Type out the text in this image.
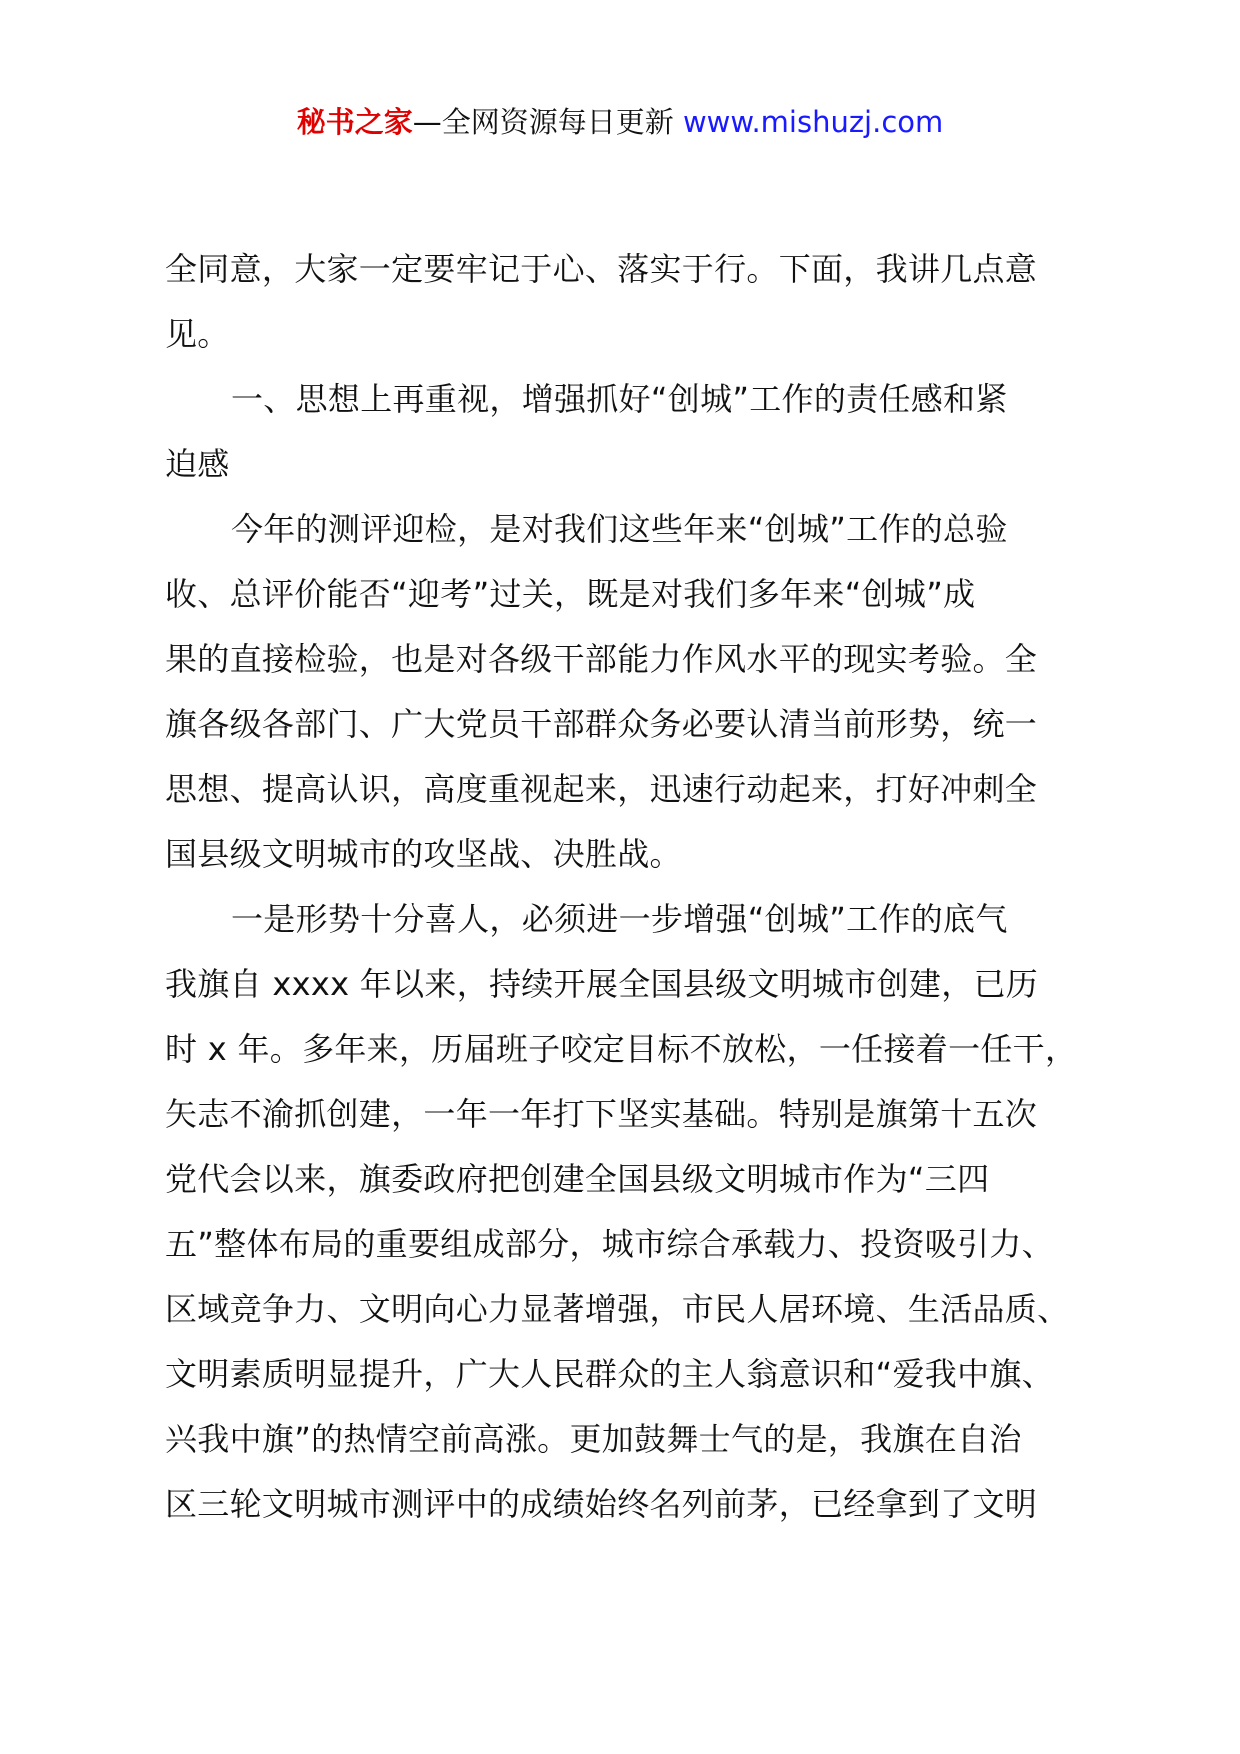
秘书之家—全网资源每日更新 www.mishuzj.com
全同意，大家一定要牢记于心、落实于行。下面，我讲几点意
见。
一、思想上再重视，增强抓好“创城”工作的责任感和紧
迫感
今年的测评迎检，是对我们这些年来“创城”工作的总验
收、总评价能否“迎考”过关，既是对我们多年来“创城”成
果的直接检验，也是对各级干部能力作风水平的现实考验。全
旗各级各部门、广大党员干部群众务必要认清当前形势，统一
思想、提高认识，高度重视起来，迅速行动起来，打好冲刺全
国县级文明城市的攻坚战、决胜战。
一是形势十分喜人，必须进一步增强“创城”工作的底气
我旗自 xxxx 年以来，持续开展全国县级文明城市创建，已历
时 x 年。多年来，历届班子咬定目标不放松，一任接着一任干，
矢志不渝抓创建，一年一年打下坚实基础。特别是旗第十五次
党代会以来，旗委政府把创建全国县级文明城市作为“三四
五”整体布局的重要组成部分，城市综合承载力、投资吸引力、
区域竞争力、文明向心力显著增强，市民人居环境、生活品质、
文明素质明显提升，广大人民群众的主人翁意识和“爱我中旗、
兴我中旗”的热情空前高涨。更加鼓舞士气的是，我旗在自治
区三轮文明城市测评中的成绩始终名列前茅，已经拿到了文明
